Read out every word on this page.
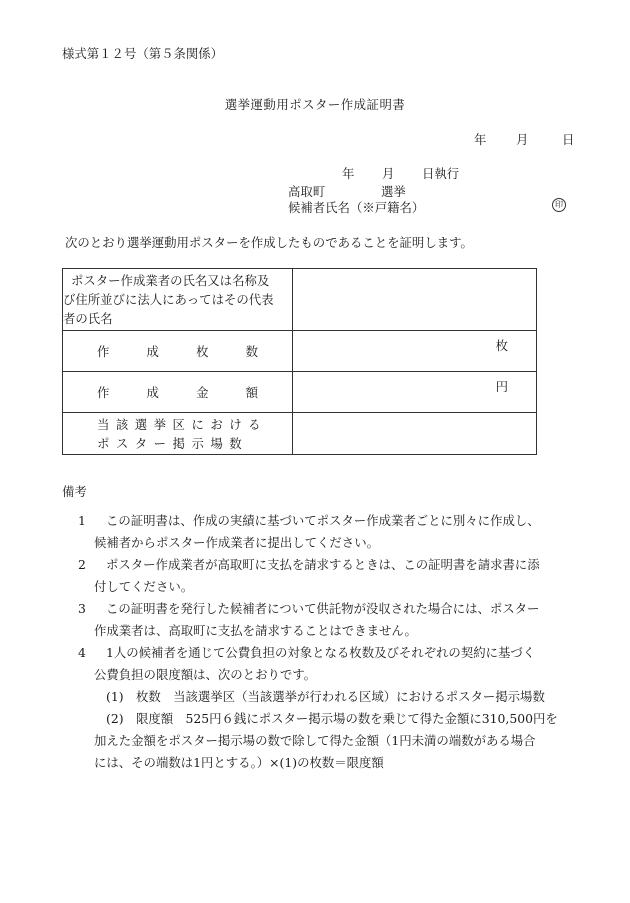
様式第１２号（第５条関係）
選挙運動用ポスター作成証明書
年 月	日
年 月 日執行
高取町	選挙
候補者氏名（※戸籍名）	印
次のとおり選挙運動用ポスターを作成したものであることを証明します。
ポスター作成業者の氏名又は名称及
び住所並びに法人にあってはその代表
者の氏名	

作 成 枚 数	枚

作 成 金 額	円

当該選挙区における
ポスター掲示場数	

備考
1	この証明書は、作成の実績に基づいてポスター作成業者ごとに別々に作成し、
候補者からポスター作成業者に提出してください。
2	ポスター作成業者が高取町に支払を請求するときは、この証明書を請求書に添
付してください。
3	この証明書を発行した候補者について供託物が没収された場合には、ポスター
作成業者は、高取町に支払を請求することはできません。
4	1人の候補者を通じて公費負担の対象となる枚数及びそれぞれの契約に基づく
公費負担の限度額は、次のとおりです。
(1)　枚数　当該選挙区（当該選挙が行われる区域）におけるポスター掲示場数
(2)　限度額　525円６銭にポスター掲示場の数を乗じて得た金額に310,500円を
加えた金額をポスター掲示場の数で除して得た金額（1円未満の端数がある場合
には、その端数は1円とする。）×(1)の枚数＝限度額
